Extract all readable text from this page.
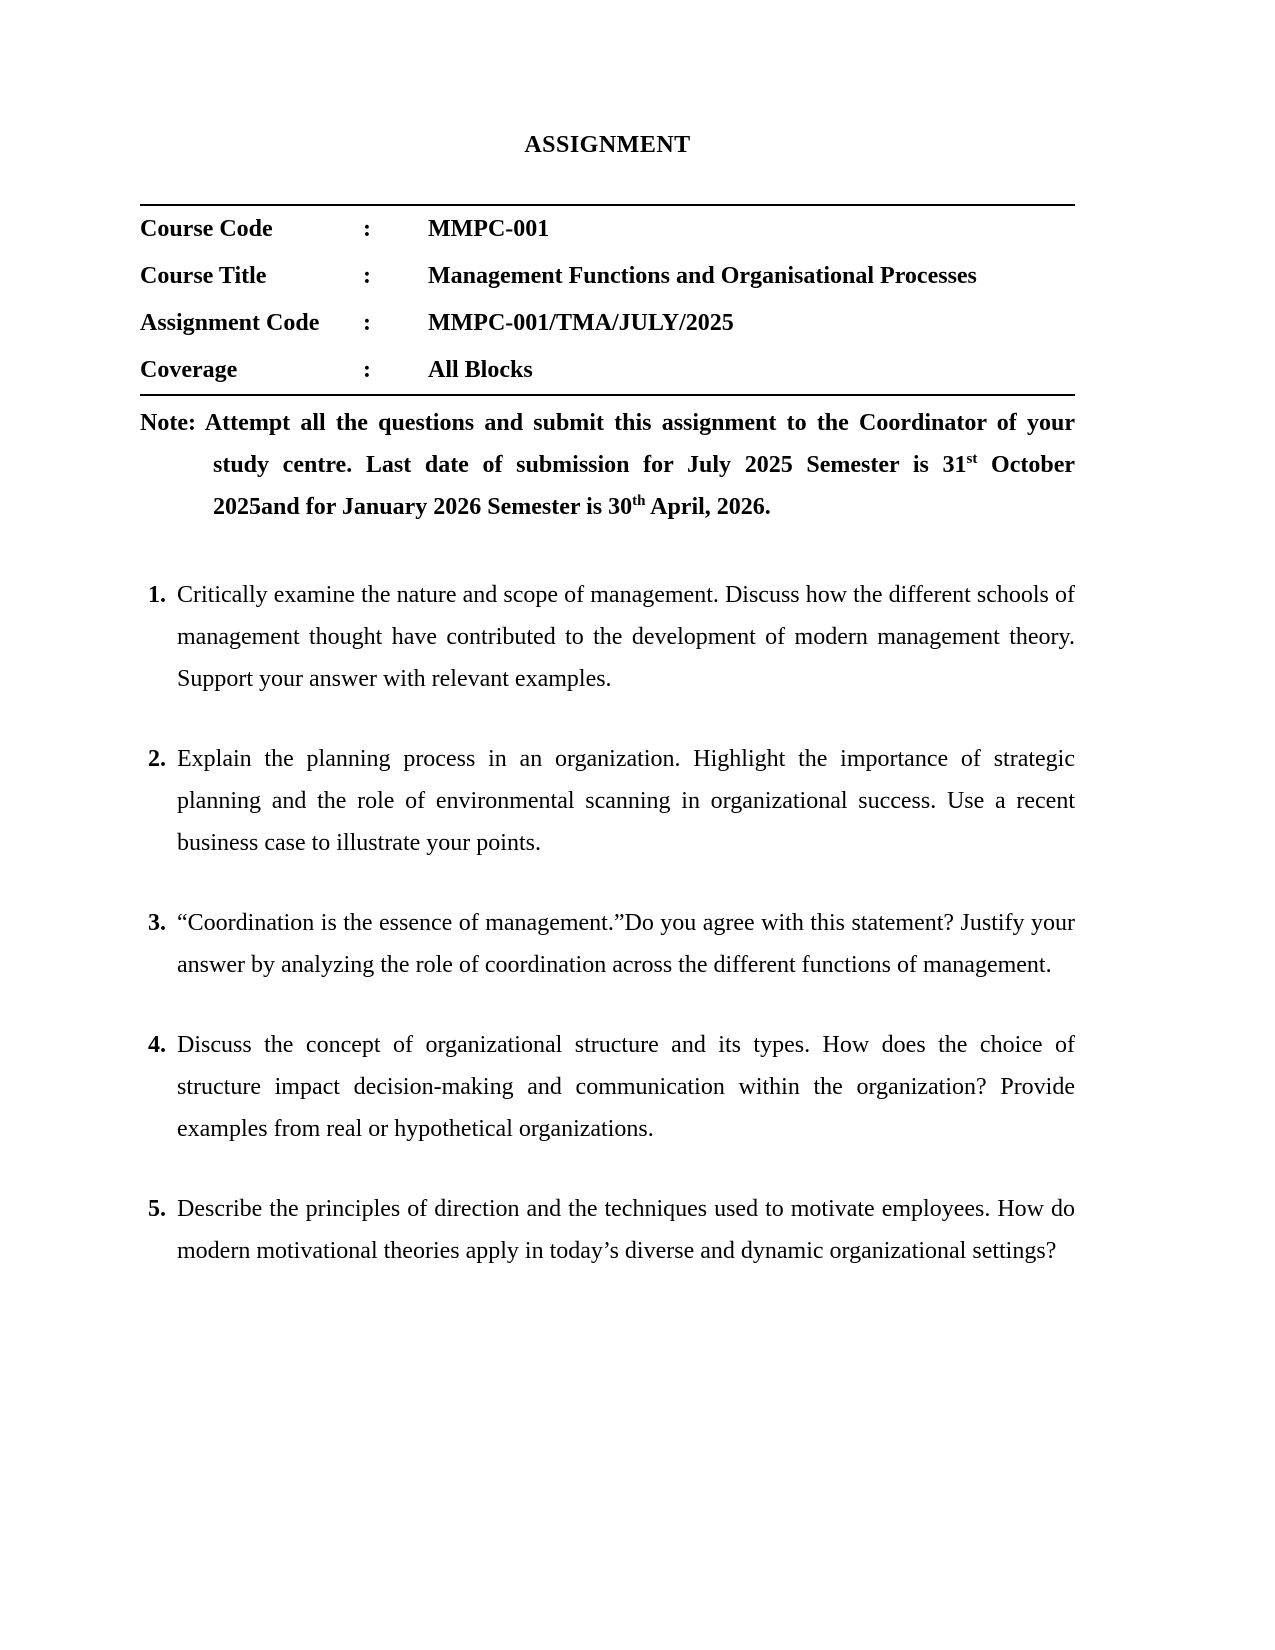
ASSIGNMENT
Course Code	:	MMPC-001
Course Title	:	Management Functions and Organisational Processes
Assignment Code	:	MMPC-001/TMA/JULY/2025
Coverage	:	All Blocks

Note: Attempt all the questions and submit this assignment to the Coordinator of your study centre. Last date of submission for July 2025 Semester is 31st October 2025and for January 2026 Semester is 30th April, 2026.

1. Critically examine the nature and scope of management. Discuss how the different schools of management thought have contributed to the development of modern management theory. Support your answer with relevant examples.
2. Explain the planning process in an organization. Highlight the importance of strategic planning and the role of environmental scanning in organizational success. Use a recent business case to illustrate your points.
3. “Coordination is the essence of management.”Do you agree with this statement? Justify your answer by analyzing the role of coordination across the different functions of management.
4. Discuss the concept of organizational structure and its types. How does the choice of structure impact decision-making and communication within the organization? Provide examples from real or hypothetical organizations.
5. Describe the principles of direction and the techniques used to motivate employees. How do modern motivational theories apply in today’s diverse and dynamic organizational settings?
